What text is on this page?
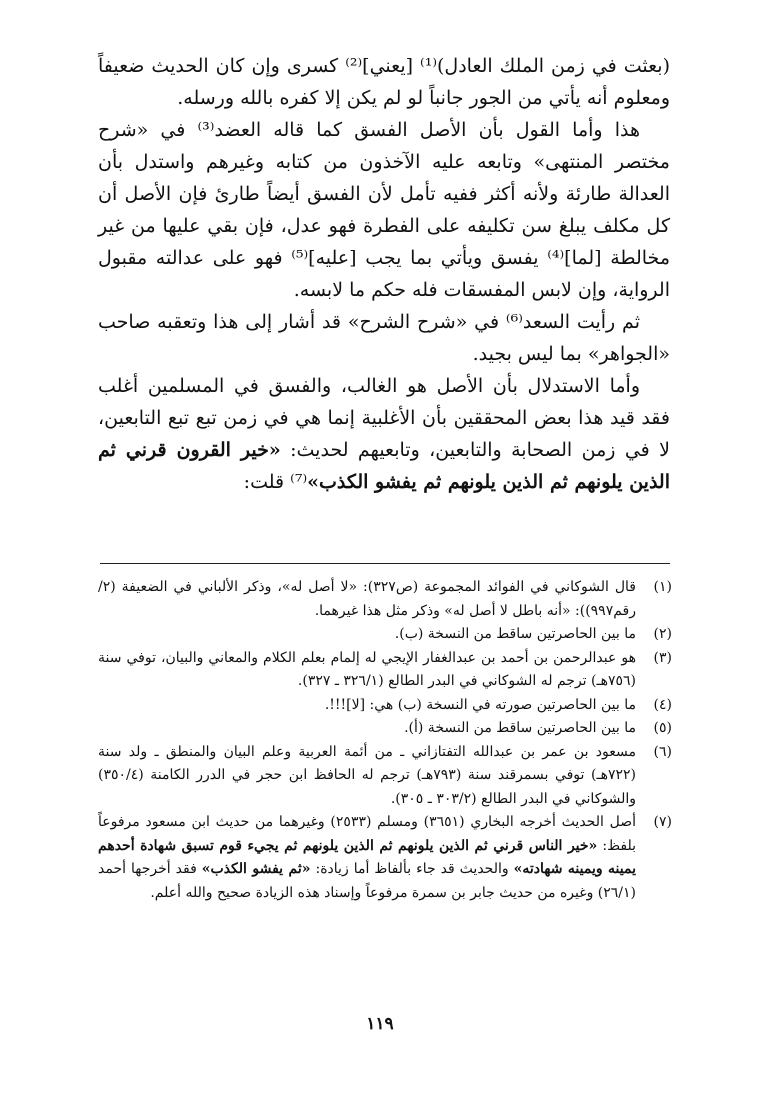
(بعثت في زمن الملك العادل)⁽¹⁾ [يعني]⁽²⁾ كسرى وإن كان الحديث ضعيفاً ومعلوم أنه يأتي من الجور جانباً لو لم يكن إلا كفره بالله ورسله.

هذا وأما القول بأن الأصل الفسق كما قاله العضد⁽³⁾ في «شرح مختصر المنتهى» وتابعه عليه الآخذون من كتابه وغيرهم واستدل بأن العدالة طارئة ولأنه أكثر ففيه تأمل لأن الفسق أيضاً طارئ فإن الأصل أن كل مكلف يبلغ سن تكليفه على الفطرة فهو عدل، فإن بقي عليها من غير مخالطة [لما]⁽⁴⁾ يفسق ويأتي بما يجب [عليه]⁽⁵⁾ فهو على عدالته مقبول الرواية، وإن لابس المفسقات فله حكم ما لابسه.

ثم رأيت السعد⁽⁶⁾ في «شرح الشرح» قد أشار إلى هذا وتعقبه صاحب «الجواهر» بما ليس بجيد.

وأما الاستدلال بأن الأصل هو الغالب، والفسق في المسلمين أغلب فقد قيد هذا بعض المحققين بأن الأغلبية إنما هي في زمن تبع تبع التابعين، لا في زمن الصحابة والتابعين، وتابعيهم لحديث: «خير القرون قرني ثم الذين يلونهم ثم الذين يلونهم ثم يفشو الكذب»⁽⁷⁾ قلت:

(١)
قال الشوكاني في الفوائد المجموعة (ص٣٢٧): «لا أصل له»، وذكر الألباني في الضعيفة (٢/رقم٩٩٧)): «أنه باطل لا أصل له» وذكر مثل هذا غيرهما.
(٢)
ما بين الحاصرتين ساقط من النسخة (ب).
(٣)
هو عبدالرحمن بن أحمد بن عبدالغفار الإيجي له إلمام بعلم الكلام والمعاني والبيان، توفي سنة (٧٥٦هـ) ترجم له الشوكاني في البدر الطالع (٣٢٦/١ ـ ٣٢٧).
(٤)
ما بين الحاصرتين صورته في النسخة (ب) هي: [لا]!!!.
(٥)
ما بين الحاصرتين ساقط من النسخة (أ).
(٦)
مسعود بن عمر بن عبدالله التفتازاني ـ من أئمة العربية وعلم البيان والمنطق ـ ولد سنة (٧٢٢هـ) توفي بسمرقند سنة (٧٩٣هـ) ترجم له الحافظ ابن حجر في الدرر الكامنة (٣٥٠/٤) والشوكاني في البدر الطالع (٣٠٣/٢ ـ ٣٠٥).
(٧)
أصل الحديث أخرجه البخاري (٣٦٥١) ومسلم (٢٥٣٣) وغيرهما من حديث ابن مسعود مرفوعاً بلفظ: «خير الناس قرني ثم الذين يلونهم ثم الذين يلونهم ثم يجيء قوم تسبق شهادة أحدهم يمينه ويمينه شهادته» والحديث قد جاء بألفاظ أما زيادة: «ثم يفشو الكذب» فقد أخرجها أحمد (٢٦/١) وغيره من حديث جابر بن سمرة مرفوعاً وإسناد هذه الزيادة صحيح والله أعلم.
١١٩
